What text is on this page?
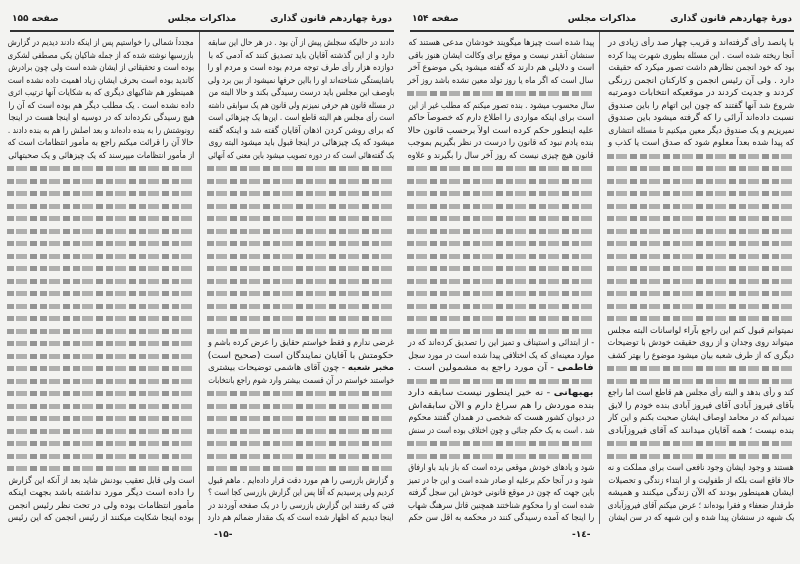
دورهٔ چهاردهم قانون گذاری
مذاکرات مجلس
صفحه ۱۵۵
دادند در حالیکه سجلش پیش از آن بود . در هر حال این سابقه
دارد و از این گذشته آقایان باید تصدیق کنند که آدمی که با
دوازده هزار رأی طرف توجه مردم بوده است و مردم او را
باشایستگی شناخته‌اند او را بااین حرفها نمیشود از بین برد ولی
باوصف این مجلس باید درست رسیدگی بکند و حالا البته من
در مسئله قانون هم حرفی نمیزنم ولی قانون هم یک سوابقی داشته
است رأی مجلس هم البته قاطع است . این‌ها یک چیزهائی است
که برای روشن کردن اذهان آقایان گفته شد و اینکه گفته
میشود که یک چیزهائی در اینجا قبول باید میشود البته روی
یک گفته‌هائی است که در دوره تصویب میشود باین معنی که آنهائی
غرضی ندارم و فقط خواستم حقایق را عرض کرده باشم و
حکومتش با آقایان نمایندگان است (صحیح است)
مخبر شعبه - چون آقای هاشمی توضیحات بیشتری
خواستند خواستم در آن قسمت بیشتر وارد شوم راجع بانتخابات
و گزارش بازرسی را هم مورد دقت قرار داده‌ایم . ماهم قبول
کردیم ولی پرسیدیم که آقا پس این گزارش بازرسی کجا است ؟
فتی که رفتند این گزارش بازرسی را در یک صفحه آوردند در
اینجا دیدیم که اظهار شده است که یک مقدار ضمائم هم دارد
مجدداً شمالی را خواستیم پس از اینکه دادند دیدیم در گزارش
بازرسیها نوشته شده که از جمله شاکیان یکی مصطفی لشکری
بوده است و تحقیقاتی از ایشان شده است ولی چون برادرش
کاندید بوده است بحرف ایشان زیاد اهمیت داده نشده است
همینطور هم شاکیهای دیگری که به شکایات آنها ترتیب اثری
داده نشده است . یک مطلب دیگر هم بوده است که آن را
هیچ رسیدگی نکرده‌اند که در دوسیه او اینجا هست در اینجا
رونوشتش را به بنده داده‌اند و بعد اصلش را هم به بنده دادند .
حالا آن را قرائت میکنم راجع به مأمور انتظامات است که
از مأمور انتظامات میپرسند که یک چیزهائی و یک صحبتهائی
است ولی قابل تعقیب بودنش شاید بعد از آنکه این گزارش
را داده است دیگر مورد نداشته باشد بجهت اینکه
مأمور انتظامات بوده ولی در تحت نظر رئیس انجمن
بوده اینجا شکایت میکنند از رئیس انجمن که این رئیس
-۱۵-
دورهٔ چهاردهم قانون گذاری
مذاکرات مجلس
صفحه ۱۵۴
با پانصد رأی گرفته‌اند و قریب چهار صد رأی زیادی در
آنجا ریخته شده است . این مسئله بطوری شهرت پیدا کرده
بود که خود انجمن نظارهم داشت تصور میکرد که حقیقت
دارد . ولی آن رئیس انجمن و کارکنان انجمن زرنگی
کردند و جدیت کردند در موقعیکه انتخابات دومرتبه
شروع شد آنها گفتند که چون این اتهام را باین صندوق
نسبت داده‌اند آرائی را که گرفته میشود باین صندوق
نمیریزیم و یک صندوق دیگر معین میکنیم تا مسئله انتشاری
که پیدا شده بعداً معلوم شود که صدق است یا کذب و
نمیتوانم قبول کنم این راجع بآراء لواسانات البته مجلس
میتواند روی وجدان و از روی حقیقت خودش با توضیحات
دیگری که از طرف شعبه بیان میشود موضوع را بهتر کشف
کند و رأی بدهد و البته رأی مجلس هم قاطع است اما راجع
بآقای فیروز آبادی آقای فیروز آبادی بنده خودم را لایق
نمیدانم که در محامد اوصاف ایشان صحبت بکنم و این کار
بنده نیست ؛ همه آقایان میدانند که آقای فیروزآبادی
هستند و وجود ایشان وجود نافعی است برای مملکت و نه
حالا فاقع است بلکه از طفولیت و از ابتداء زندگی و تحصیلات
ایشان همینطور بودند که الآن زندگی میکنند و همیشه
طرفدار ضعفاء و فقرا بوده‌اند ؛ عرض میکنم آقای فیروزآبادی
یک شبهه در سنشان پیدا شده و این شبهه که در سن ایشان
پیدا شده است چیزها میگویند خودشان مدعی هستند که
سنشان آنقدر نیست و موقع برای وکالت ایشان هنوز باقی
است و دلایلی هم دارند که گفته میشود یکی موضوع آخر
سال است که اگر ماه یا روز تولد معین نشده باشد روز آخر
سال محسوب میشود . بنده تصور میکنم که مطلب غیر از این
است برای اینکه مواردی را اطلاع دارم که خصوصاً حاکم
علیه اینطور حکم کرده است اولاً برحسب قانون حالا
بنده یادم نبود که قانون را درست در نظر بگیریم بموجب
قانون هیچ چیزی نیست که روز آخر سال را بگیرند و علاوه
- از ابتدائی و استیناف و تمیز این را تصدیق کرده‌اند که در
موارد معینه‌ای که یک اختلافی پیدا شده است در مورد سجل
فاطمی - آن مورد راجع به مشمولین است .
بهبهانی - نه خیر اینطور نیست سابقه دارد
بنده موردش را هم سراغ دارم و الآن سابقه‌اش
در دیوان کشور هست که شخصی در همدان گفتند محکوم
شد . است به یک حکم جنائی و چون اختلاف بوده است در سنش
شود و یادهای خودش موقعی برده است که باز باید باو ارفاق
شود و در آنجا حکم برعلیه او صادر شده است و این جا در تمیز
باین جهت که چون در موقع قانونی خودش این سجل گرفته
شده است او را محکوم شناختند همچنین قاتل سرهنگ شهاب
را اینجا که آمده رسیدگی کنند در محکمه به اقل سن حکم
-۱٤-
